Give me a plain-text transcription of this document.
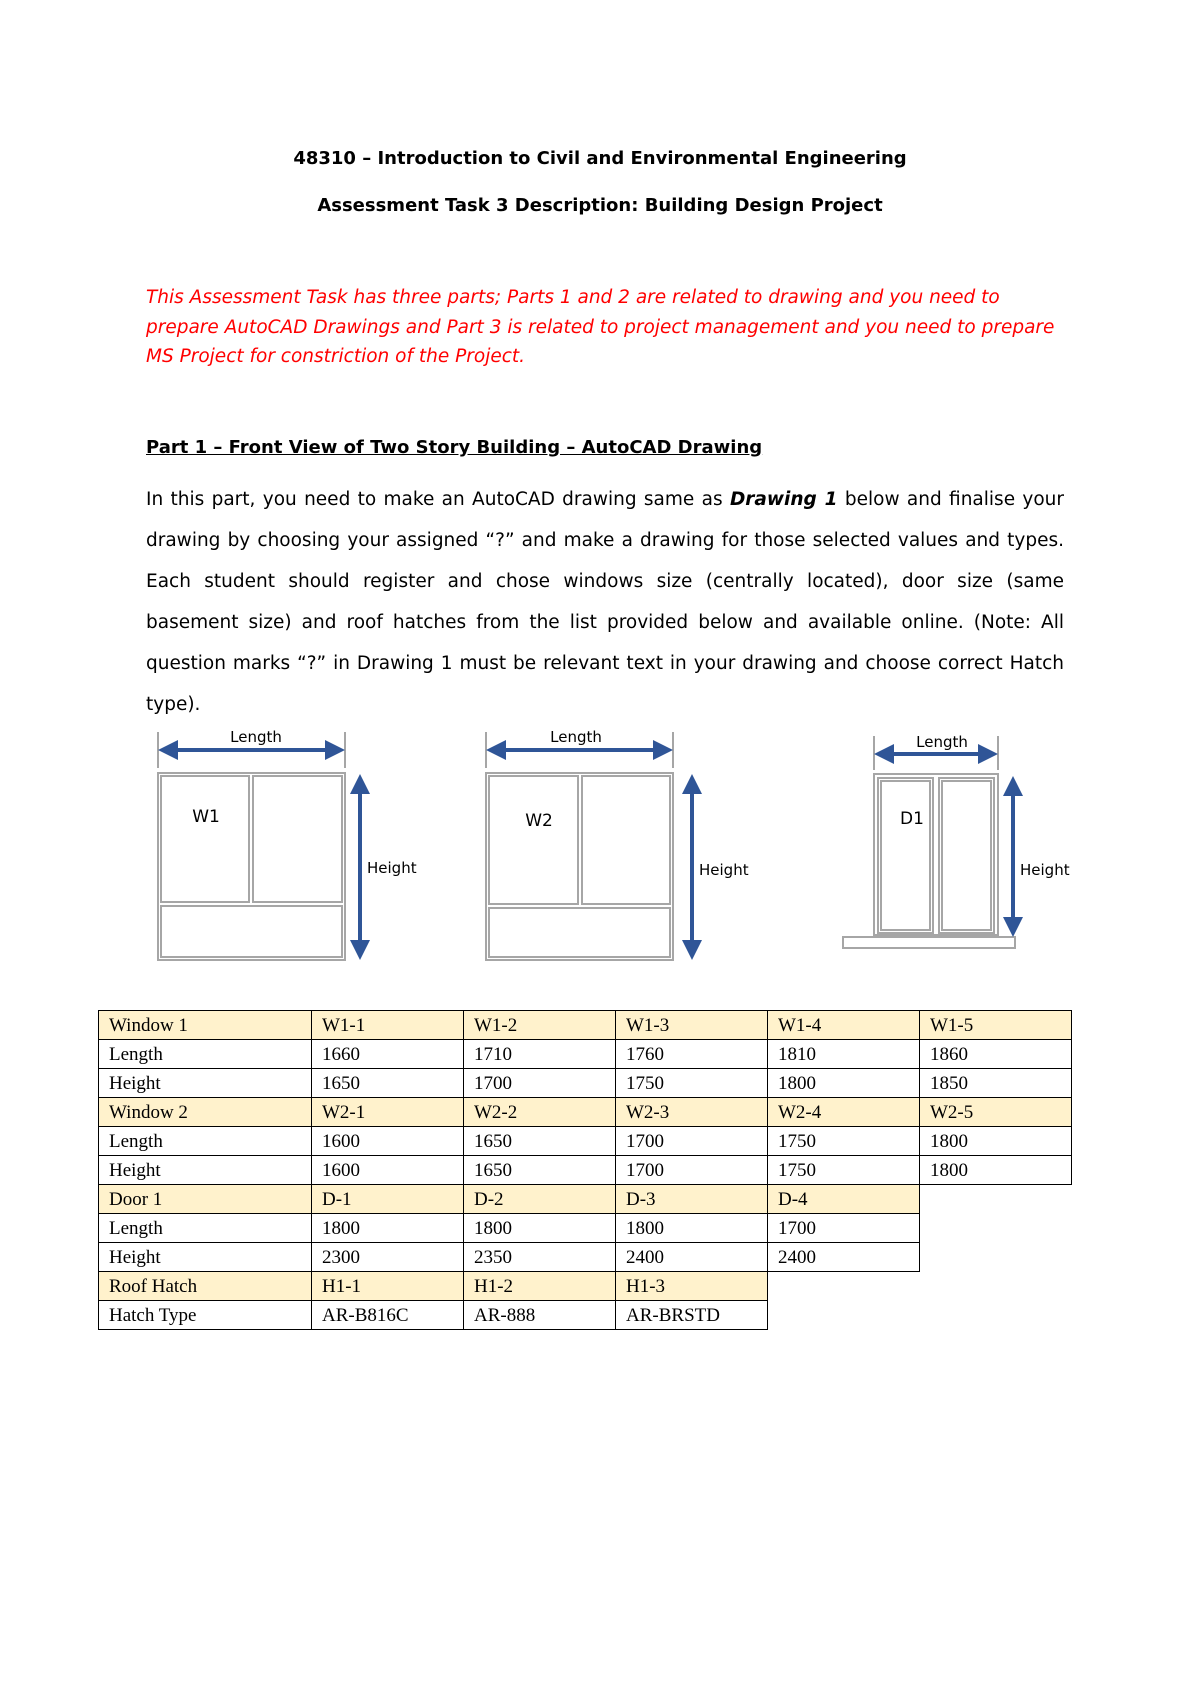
48310 – Introduction to Civil and Environmental Engineering
Assessment Task 3 Description: Building Design Project

This Assessment Task has three parts; Parts 1 and 2 are related to drawing and you need to prepare AutoCAD Drawings and Part 3 is related to project management and you need to prepare MS Project for constriction of the Project.

Part 1 – Front View of Two Story Building – AutoCAD Drawing

In this part, you need to make an AutoCAD drawing same as Drawing 1 below and finalise your drawing by choosing your assigned “?” and make a drawing for those selected values and types. Each student should register and chose windows size (centrally located), door size (same basement size) and roof hatches from the list provided below and available online. (Note: All question marks “?” in Drawing 1 must be relevant text in your drawing and choose correct Hatch type).

Length
W1
Height
Length
W2
Height
Length
D1
Height
Window 1	W1-1	W1-2	W1-3	W1-4	W1-5
Length	1660	1710	1760	1810	1860
Height	1650	1700	1750	1800	1850
Window 2	W2-1	W2-2	W2-3	W2-4	W2-5
Length	1600	1650	1700	1750	1800
Height	1600	1650	1700	1750	1800
Door 1	D-1	D-2	D-3	D-4	
Length	1800	1800	1800	1700	
Height	2300	2350	2400	2400	
Roof Hatch	H1-1	H1-2	H1-3		
Hatch Type	AR-B816C	AR-888	AR-BRSTD		
